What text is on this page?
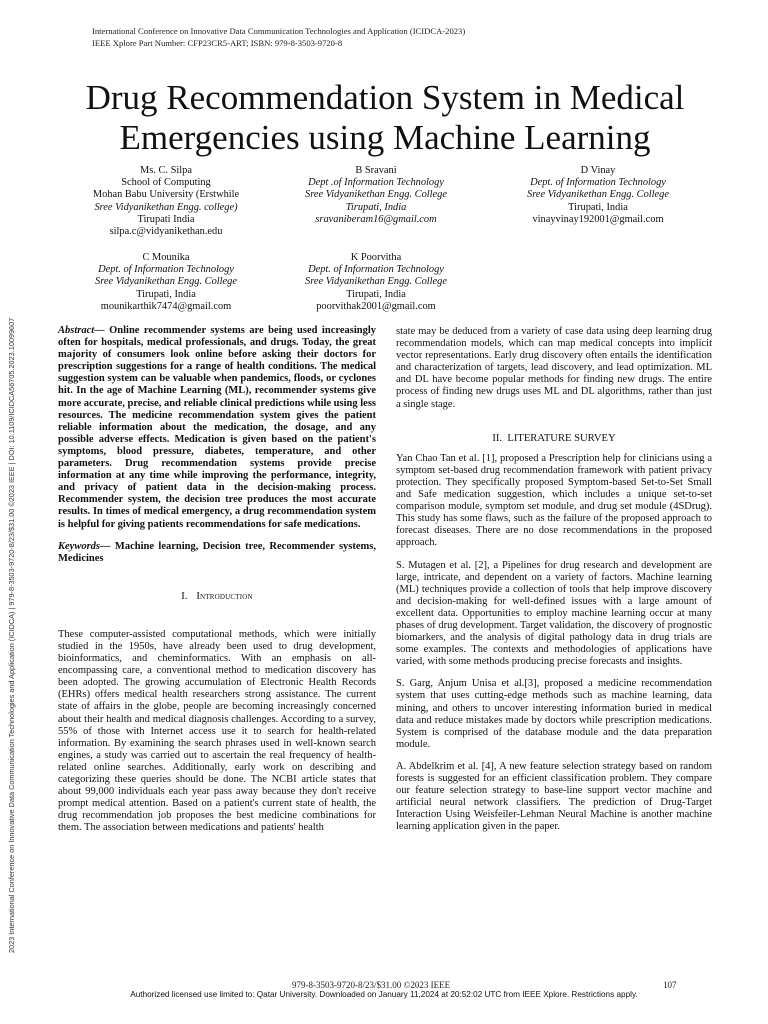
International Conference on Innovative Data Communication Technologies and Application (ICIDCA-2023)
IEEE Xplore Part Number: CFP23CR5-ART; ISBN: 979-8-3503-9720-8
2023 International Conference on Innovative Data Communication Technologies and Application (ICIDCA) | 979-8-3503-9720-8/23/$31.00 ©2023 IEEE | DOI: 10.1109/ICIDCA56705.2023.10099607
Drug Recommendation System in Medical Emergencies using Machine Learning
Ms. C. Silpa
School of Computing
Mohan Babu University (Erstwhile
Sree Vidyanikethan Engg. college)
Tirupati India
silpa.c@vidyanikethan.edu
B Sravani
Dept .of Information Technology
Sree Vidyanikethan Engg. College
Tirupati, India
sravaniberam16@gmail.com
D Vinay
Dept. of Information Technology
Sree Vidyanikethan Engg. College
Tirupati, India
vinayvinay192001@gmail.com
C Mounika
Dept. of Information Technology
Sree Vidyanikethan Engg. College
Tirupati, India
mounikarthik7474@gmail.com
K Poorvitha
Dept. of Information Technology
Sree Vidyanikethan Engg. College
Tirupati, India
poorvithak2001@gmail.com

Abstract— Online recommender systems are being used increasingly often for hospitals, medical professionals, and drugs. Today, the great majority of consumers look online before asking their doctors for prescription suggestions for a range of health conditions. The medical suggestion system can be valuable when pandemics, floods, or cyclones hit. In the age of Machine Learning (ML), recommender systems give more accurate, precise, and reliable clinical predictions while using less resources. The medicine recommendation system gives the patient reliable information about the medication, the dosage, and any possible adverse effects. Medication is given based on the patient's symptoms, blood pressure, diabetes, temperature, and other parameters. Drug recommendation systems provide precise information at any time while improving the performance, integrity, and privacy of patient data in the decision-making process. Recommender system, the decision tree produces the most accurate results. In times of medical emergency, a drug recommendation system is helpful for giving patients recommendations for safe medications.

Keywords— Machine learning, Decision tree, Recommender systems, Medicines

I. Introduction

These computer-assisted computational methods, which were initially studied in the 1950s, have already been used to drug development, bioinformatics, and cheminformatics. With an emphasis on all-encompassing care, a conventional method to medication discovery has been adopted. The growing accumulation of Electronic Health Records (EHRs) offers medical health researchers strong assistance. The current state of affairs in the globe, people are becoming increasingly concerned about their health and medical diagnosis challenges. According to a survey, 55% of those with Internet access use it to search for health-related information. By examining the search phrases used in well-known search engines, a study was carried out to ascertain the real frequency of health-related online searches. Additionally, early work on describing and categorizing these queries should be done. The NCBI article states that about 99,000 individuals each year pass away because they don't receive prompt medical attention. Based on a patient's current state of health, the drug recommendation job proposes the best medicine combinations for them. The association between medications and patients' health

state may be deduced from a variety of case data using deep learning drug recommendation models, which can map medical concepts into implicit vector representations. Early drug discovery often entails the identification and characterization of targets, lead discovery, and lead optimization. ML and DL have become popular methods for finding new drugs. The entire process of finding new drugs uses ML and DL algorithms, rather than just a single stage.

II. LITERATURE SURVEY

Yan Chao Tan et al. [1], proposed a Prescription help for clinicians using a symptom set-based drug recommendation framework with patient privacy protection. They specifically proposed Symptom-based Set-to-Set Small and Safe medication suggestion, which includes a unique set-to-set comparison module, symptom set module, and drug set module (4SDrug). This study has some flaws, such as the failure of the proposed approach to forecast diseases. There are no dose recommendations in the proposed approach.

S. Mutagen et al. [2], a Pipelines for drug research and development are large, intricate, and dependent on a variety of factors. Machine learning (ML) techniques provide a collection of tools that help improve discovery and decision-making for well-defined issues with a large amount of excellent data. Opportunities to employ machine learning occur at many phases of drug development. Target validation, the discovery of prognostic biomarkers, and the analysis of digital pathology data in drug trials are some examples. The contexts and methodologies of applications have varied, with some methods producing precise forecasts and insights.

S. Garg, Anjum Unisa et al.[3], proposed a medicine recommendation system that uses cutting-edge methods such as machine learning, data mining, and others to uncover interesting information buried in medical data and reduce mistakes made by doctors while prescription medications. System is comprised of the database module and the data preparation module.

A. Abdelkrim et al. [4], A new feature selection strategy based on random forests is suggested for an efficient classification problem. They compare our feature selection strategy to base-line support vector machine and artificial neural network classifiers. The prediction of Drug-Target Interaction Using Weisfeiler-Lehman Neural Machine is another machine learning application given in the paper.

979-8-3503-9720-8/23/$31.00 ©2023 IEEE	107
Authorized licensed use limited to: Qatar University. Downloaded on January 11,2024 at 20:52:02 UTC from IEEE Xplore. Restrictions apply.
